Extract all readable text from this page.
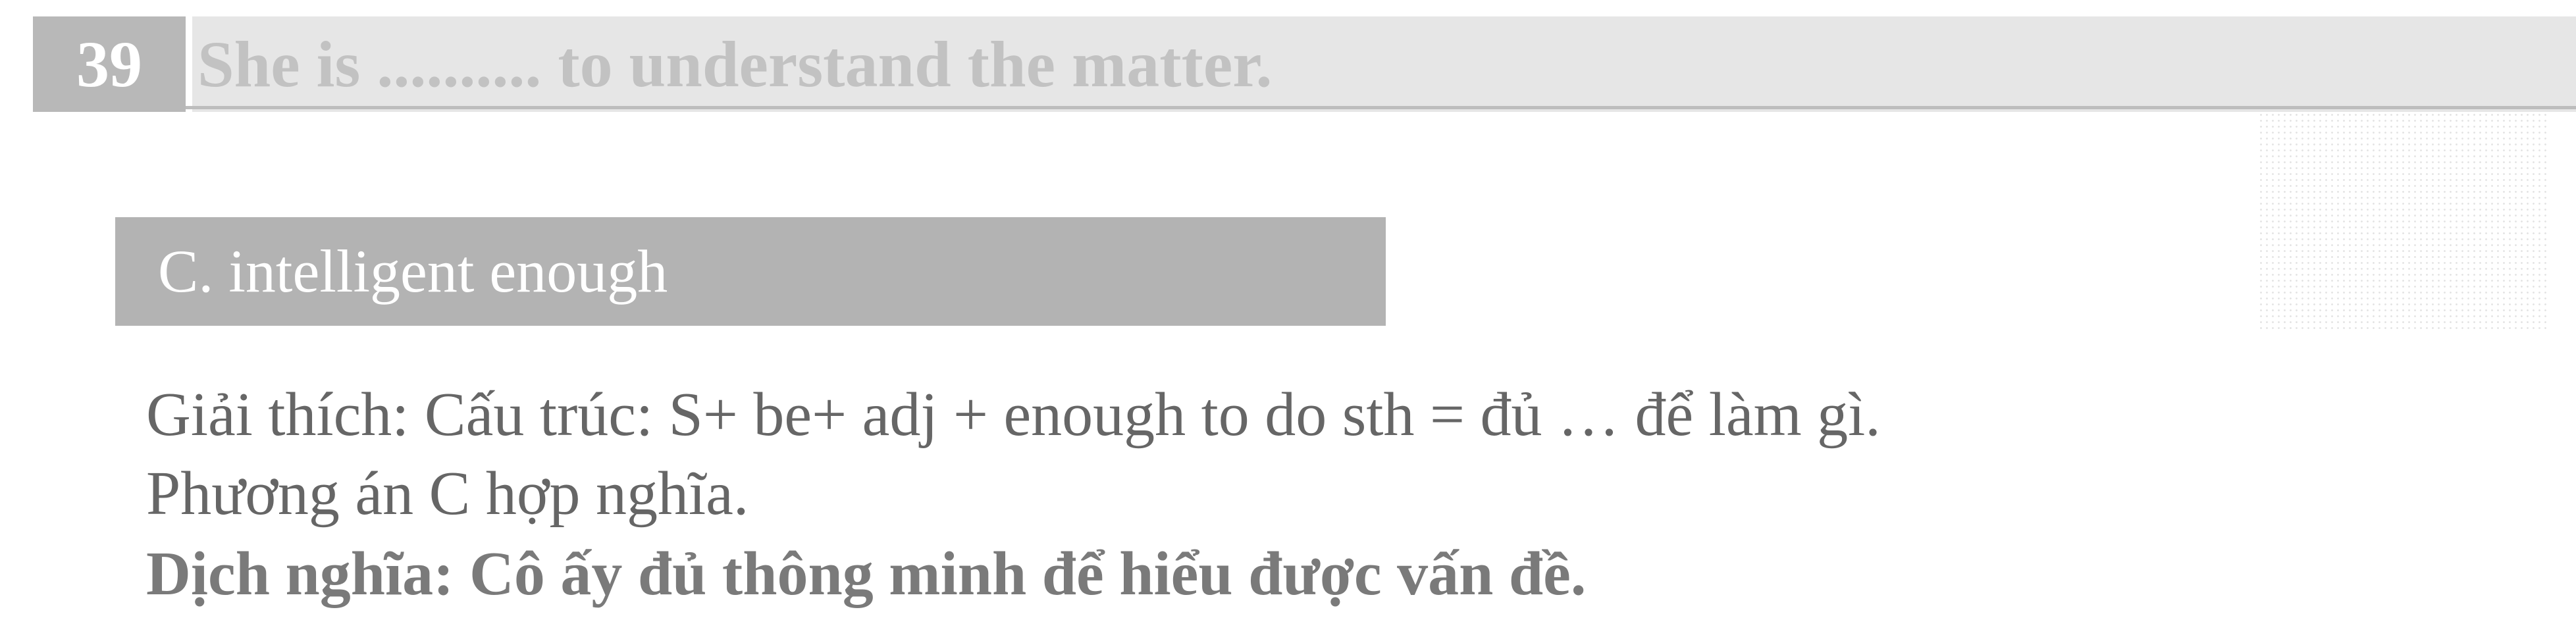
39 She is .......... to understand the matter.
C. intelligent enough
Giải thích: Cấu trúc: S+ be+ adj + enough to do sth = đủ … để làm gì.
Phương án C hợp nghĩa.
Dịch nghĩa: Cô ấy đủ thông minh để hiểu được vấn đề.
